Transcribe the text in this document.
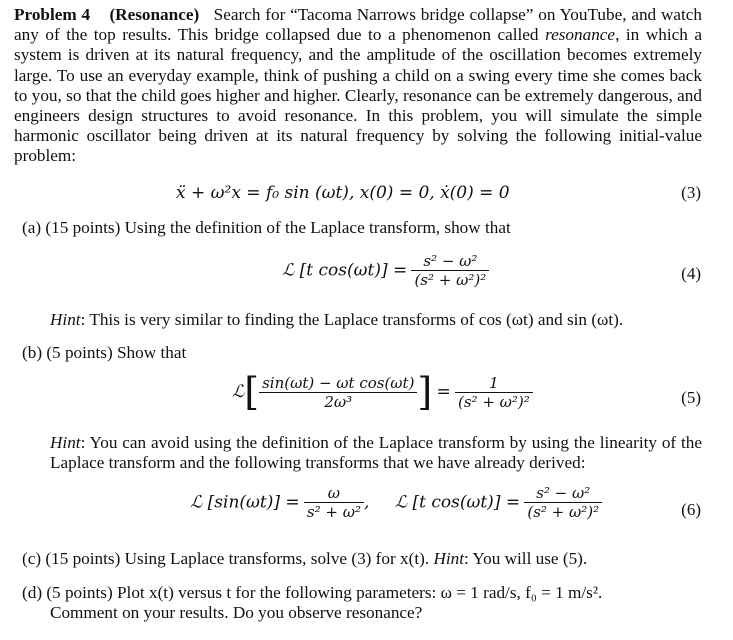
Problem 4 (Resonance) Search for “Tacoma Narrows bridge collapse” on YouTube, and watch any of the top results. This bridge collapsed due to a phenomenon called resonance, in which a system is driven at its natural frequency, and the amplitude of the oscillation becomes extremely large. To use an everyday example, think of pushing a child on a swing every time she comes back to you, so that the child goes higher and higher. Clearly, resonance can be extremely dangerous, and engineers design structures to avoid resonance. In this problem, you will simulate the simple harmonic oscillator being driven at its natural frequency by solving the following initial-value problem:
ẍ + ω²x = f₀ sin (ωt), x(0) = 0, ẋ(0) = 0	(3)
(a) (15 points) Using the definition of the Laplace transform, show that
ℒ [t $\cos(\omega t)] = \frac{\text{s² − ω²}}{\text{(s² + ω²)²}}$	(4)
Hint: This is very similar to finding the Laplace transforms of cos (ωt) and sin (ωt).
(b) (5 points) Show that
ℒ[ $\frac{\text{sin(ωt) − ωt cos(ωt)}}{\text{2ω³}}$ ] = $\frac{1}{\text{(s² + ω²)²}}$	(5)
Hint: You can avoid using the definition of the Laplace transform by using the linearity of the Laplace transform and the following transforms that we have already derived:
ℒ $[\sin(\omega t)] = \frac{\omega}{\text{s² + ω²}}$ , ℒ [t $\cos(\omega t)] = \frac{\text{s² − ω²}}{\text{(s² + ω²)²}}$	(6)
(c) (15 points) Using Laplace transforms, solve (3) for x(t). Hint: You will use (5).
(d) (5 points) Plot x(t) versus t for the following parameters: ω = 1 rad/s, f₀ = 1 m/s².
Comment on your results. Do you observe resonance?
